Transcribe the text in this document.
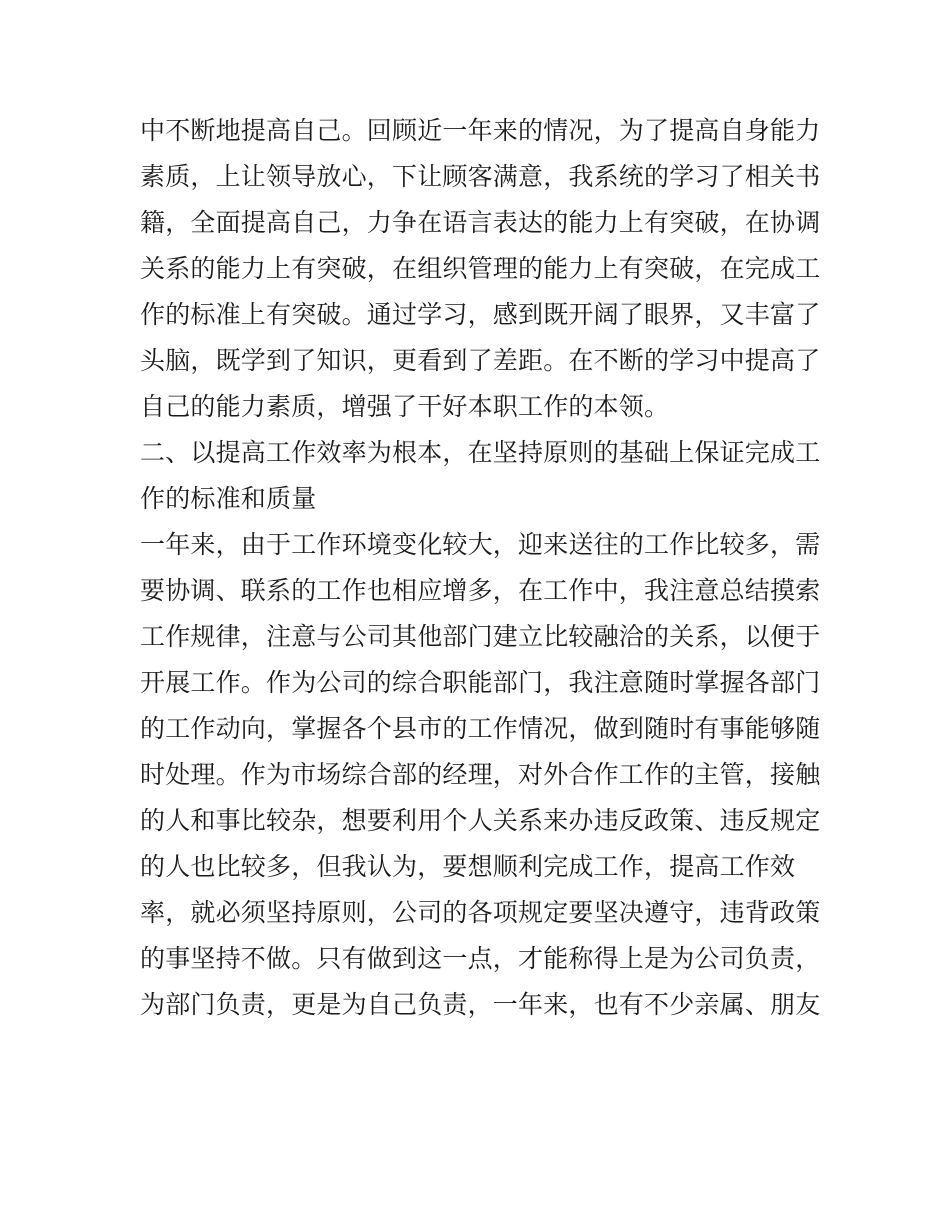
中不断地提高自己。回顾近一年来的情况，为了提高自身能力
素质，上让领导放心，下让顾客满意，我系统的学习了相关书
籍，全面提高自己，力争在语言表达的能力上有突破，在协调
关系的能力上有突破，在组织管理的能力上有突破，在完成工
作的标准上有突破。通过学习，感到既开阔了眼界，又丰富了
头脑，既学到了知识，更看到了差距。在不断的学习中提高了
自己的能力素质，增强了干好本职工作的本领。
二、以提高工作效率为根本，在坚持原则的基础上保证完成工
作的标准和质量
一年来，由于工作环境变化较大，迎来送往的工作比较多，需
要协调、联系的工作也相应增多，在工作中，我注意总结摸索
工作规律，注意与公司其他部门建立比较融洽的关系，以便于
开展工作。作为公司的综合职能部门，我注意随时掌握各部门
的工作动向，掌握各个县市的工作情况，做到随时有事能够随
时处理。作为市场综合部的经理，对外合作工作的主管，接触
的人和事比较杂，想要利用个人关系来办违反政策、违反规定
的人也比较多，但我认为，要想顺利完成工作，提高工作效
率，就必须坚持原则，公司的各项规定要坚决遵守，违背政策
的事坚持不做。只有做到这一点，才能称得上是为公司负责，
为部门负责，更是为自己负责，一年来，也有不少亲属、朋友
